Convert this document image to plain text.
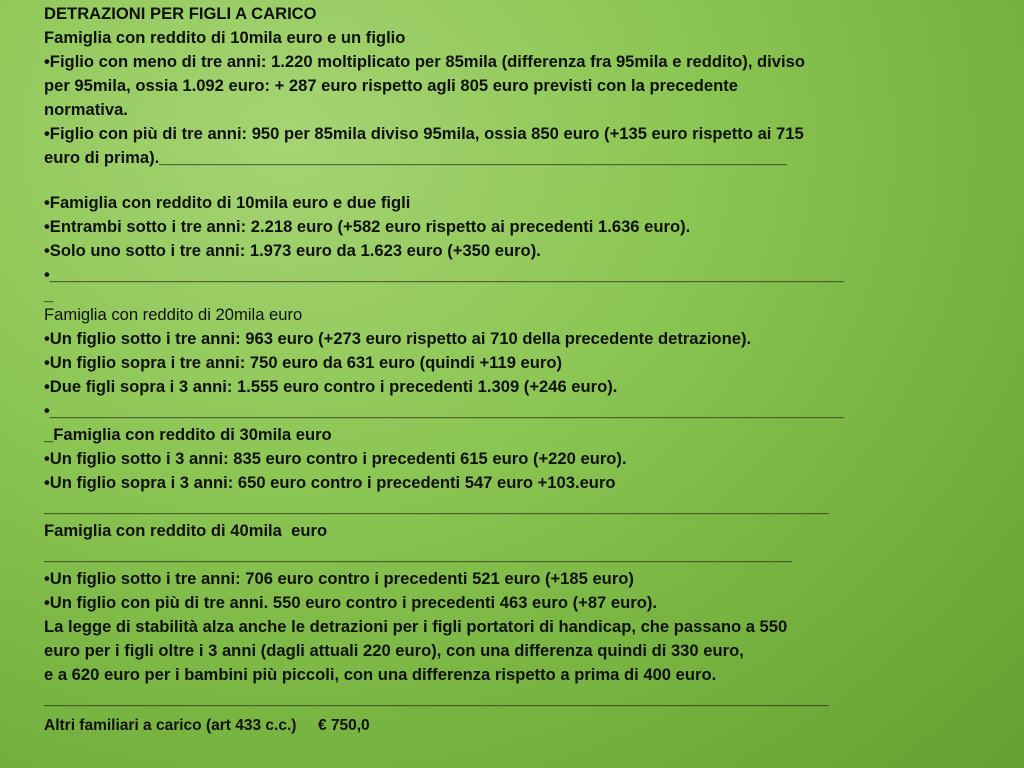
DETRAZIONI PER FIGLI A CARICO
Famiglia con reddito di 10mila euro e un figlio
•Figlio con meno di tre anni: 1.220 moltiplicato per 85mila (differenza fra 95mila e reddito), diviso
per 95mila, ossia 1.092 euro: + 287 euro rispetto agli 805 euro previsti con la precedente
normativa.
•Figlio con più di tre anni: 950 per 85mila diviso 95mila, ossia 850 euro (+135 euro rispetto ai 715
euro di prima).____________________________________________________________________
•Famiglia con reddito di 10mila euro e due figli
•Entrambi sotto i tre anni: 2.218 euro (+582 euro rispetto ai precedenti 1.636 euro).
•Solo uno sotto i tre anni: 1.973 euro da 1.623 euro (+350 euro).
•______________________________________________________________________________________
_
Famiglia con reddito di 20mila euro
•Un figlio sotto i tre anni: 963 euro (+273 euro rispetto ai 710 della precedente detrazione).
•Un figlio sopra i tre anni: 750 euro da 631 euro (quindi +119 euro)
•Due figli sopra i 3 anni: 1.555 euro contro i precedenti 1.309 (+246 euro).
•______________________________________________________________________________________
_Famiglia con reddito di 30mila euro
•Un figlio sotto i 3 anni: 835 euro contro i precedenti 615 euro (+220 euro).
•Un figlio sopra i 3 anni: 650 euro contro i precedenti 547 euro +103.euro
_____________________________________________________________________________________
Famiglia con reddito di 40mila  euro
_________________________________________________________________________________
•Un figlio sotto i tre anni: 706 euro contro i precedenti 521 euro (+185 euro)
•Un figlio con più di tre anni. 550 euro contro i precedenti 463 euro (+87 euro).
La legge di stabilità alza anche le detrazioni per i figli portatori di handicap, che passano a 550
euro per i figli oltre i 3 anni (dagli attuali 220 euro), con una differenza quindi di 330 euro,
e a 620 euro per i bambini più piccoli, con una differenza rispetto a prima di 400 euro.
_____________________________________________________________________________________
Altri familiari a carico (art 433 c.c.)     € 750,0
